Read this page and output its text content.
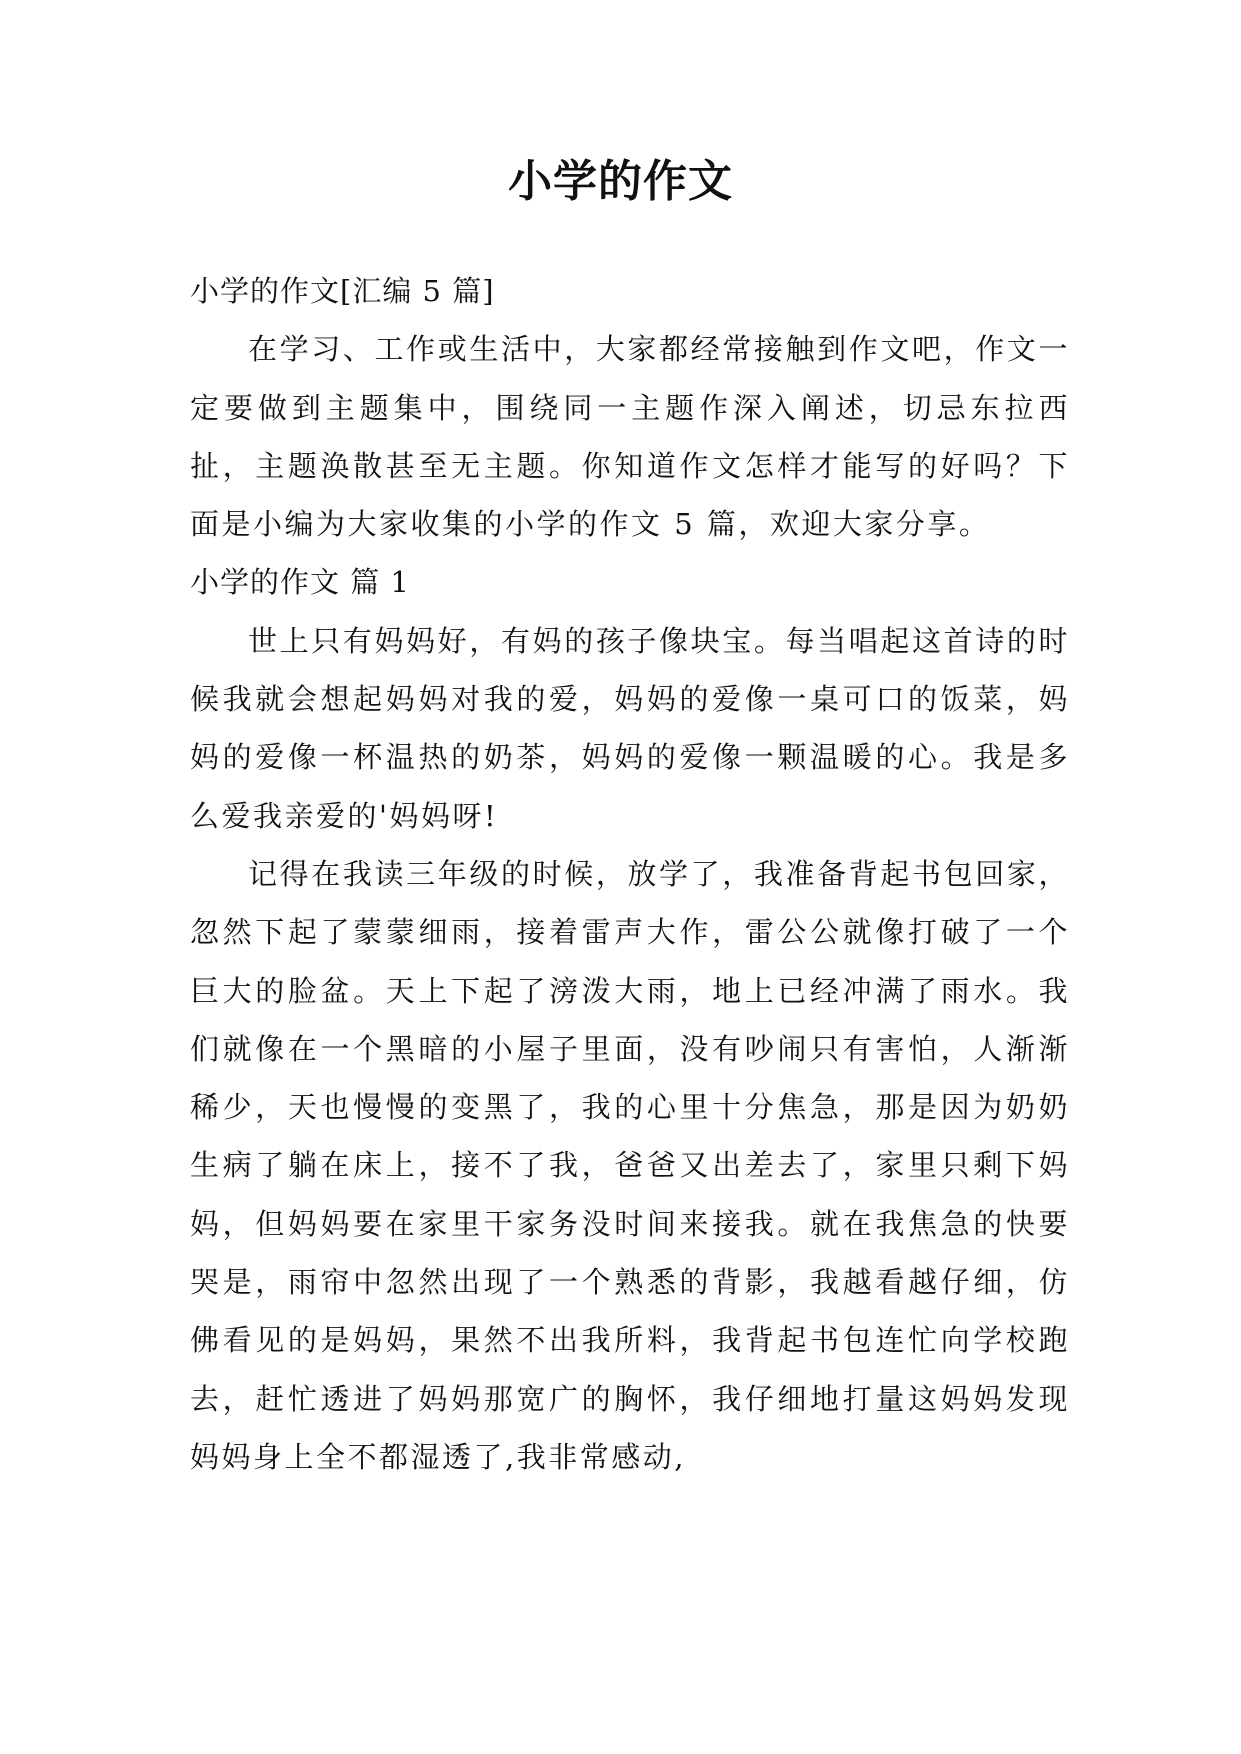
小学的作文

小学的作文[汇编 5 篇]

在学习、工作或生活中，大家都经常接触到作文吧，作文一定要做到主题集中，围绕同一主题作深入阐述，切忌东拉西扯，主题涣散甚至无主题。你知道作文怎样才能写的好吗？下面是小编为大家收集的小学的作文 5 篇，欢迎大家分享。

小学的作文 篇 1

世上只有妈妈好，有妈的孩子像块宝。每当唱起这首诗的时候我就会想起妈妈对我的爱，妈妈的爱像一桌可口的饭菜，妈妈的爱像一杯温热的奶茶，妈妈的爱像一颗温暖的心。我是多么爱我亲爱的'妈妈呀!

记得在我读三年级的时候，放学了，我准备背起书包回家，忽然下起了蒙蒙细雨，接着雷声大作，雷公公就像打破了一个巨大的脸盆。天上下起了滂泼大雨，地上已经冲满了雨水。我们就像在一个黑暗的小屋子里面，没有吵闹只有害怕，人渐渐稀少，天也慢慢的变黑了，我的心里十分焦急，那是因为奶奶生病了躺在床上，接不了我，爸爸又出差去了，家里只剩下妈妈，但妈妈要在家里干家务没时间来接我。就在我焦急的快要哭是，雨帘中忽然出现了一个熟悉的背影，我越看越仔细，仿佛看见的是妈妈，果然不出我所料，我背起书包连忙向学校跑去，赶忙透进了妈妈那宽广的胸怀，我仔细地打量这妈妈发现妈妈身上全不都湿透了,我非常感动,
